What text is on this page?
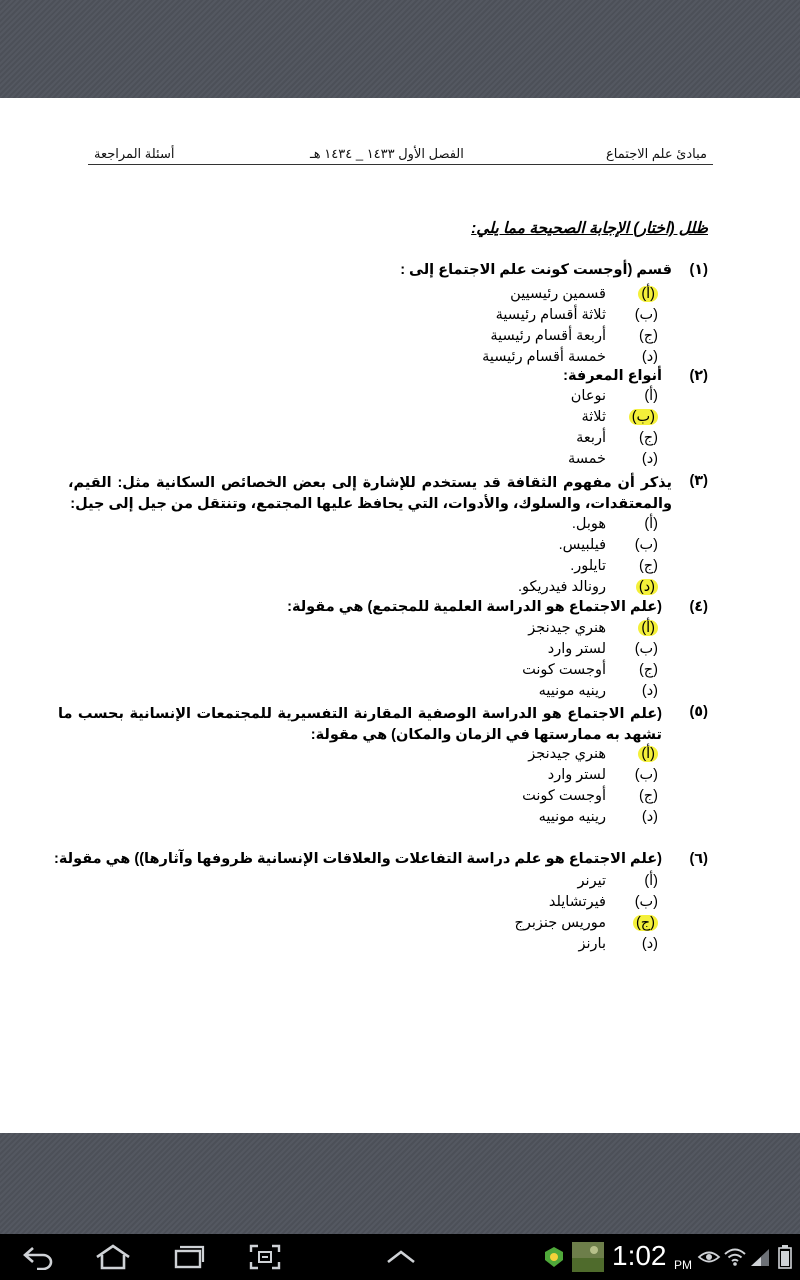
مبادئ علم الاجتماع
الفصل الأول ١٤٣٣ _ ١٤٣٤ هـ
أسئلة المراجعة
ظلل (اختار) الإجابة الصحيحة مما يلي:
(١)
قسم (أوجست كونت علم الاجتماع إلى :
(أ)قسمين رئيسيين
(ب)ثلاثة أقسام رئيسية
(ج)أربعة أقسام رئيسية
(د)خمسة أقسام رئيسية
(٢)
أنواع المعرفة:
(أ)نوعان
(ب)ثلاثة
(ج)أربعة
(د)خمسة
(٣)
يذكر أن مفهوم الثقافة قد يستخدم للإشارة إلى بعض الخصائص السكانية مثل: القيم، والمعتقدات، والسلوك، والأدوات، التي يحافظ عليها المجتمع، وتنتقل من جيل إلى جيل:
(أ)هوبل.
(ب)فيلبيس.
(ج)تايلور.
(د)رونالد فيدريكو.
(٤)
(علم الاجتماع هو الدراسة العلمية للمجتمع) هي مقولة:
(أ)هنري جيدنجز
(ب)لستر وارد
(ج)أوجست كونت
(د)رينيه مونييه
(٥)
(علم الاجتماع هو الدراسة الوصفية المقارنة التفسيرية للمجتمعات الإنسانية بحسب ما تشهد به ممارستها في الزمان والمكان) هي مقولة:
(أ)هنري جيدنجز
(ب)لستر وارد
(ج)أوجست كونت
(د)رينيه مونييه
(٦)
(علم الاجتماع هو علم دراسة التفاعلات والعلاقات الإنسانية ظروفها وآثارها)) هي مقولة:
(أ)تيرنر
(ب)فيرتشايلد
(ج)موريس جنزبرج
(د)بارنز
1:02 PM
